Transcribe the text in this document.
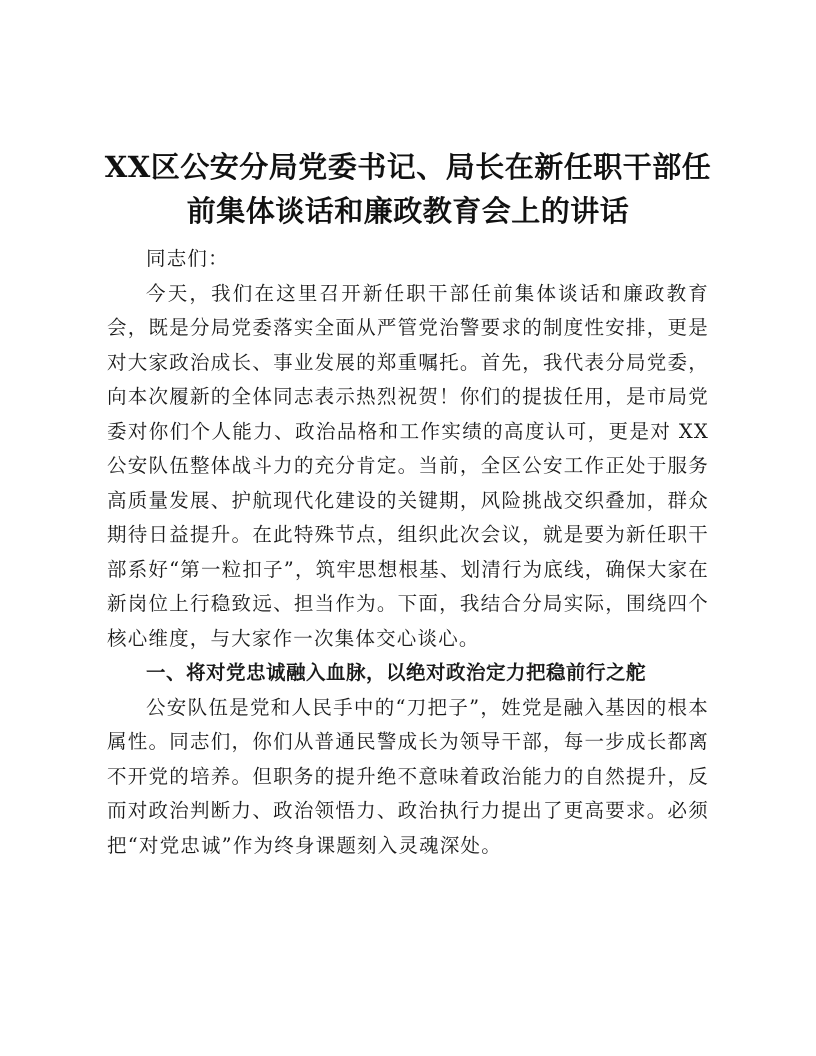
XX区公安分局党委书记、局长在新任职干部任
前集体谈话和廉政教育会上的讲话

同志们：

今天，我们在这里召开新任职干部任前集体谈话和廉政教育会，既是分局党委落实全面从严管党治警要求的制度性安排，更是对大家政治成长、事业发展的郑重嘱托。首先，我代表分局党委，向本次履新的全体同志表示热烈祝贺！你们的提拔任用，是市局党委对你们个人能力、政治品格和工作实绩的高度认可，更是对 XX 公安队伍整体战斗力的充分肯定。当前，全区公安工作正处于服务高质量发展、护航现代化建设的关键期，风险挑战交织叠加，群众期待日益提升。在此特殊节点，组织此次会议，就是要为新任职干部系好“第一粒扣子”，筑牢思想根基、划清行为底线，确保大家在新岗位上行稳致远、担当作为。下面，我结合分局实际，围绕四个核心维度，与大家作一次集体交心谈心。

一、将对党忠诚融入血脉，以绝对政治定力把稳前行之舵

公安队伍是党和人民手中的“刀把子”，姓党是融入基因的根本属性。同志们，你们从普通民警成长为领导干部，每一步成长都离不开党的培养。但职务的提升绝不意味着政治能力的自然提升，反而对政治判断力、政治领悟力、政治执行力提出了更高要求。必须把“对党忠诚”作为终身课题刻入灵魂深处。
